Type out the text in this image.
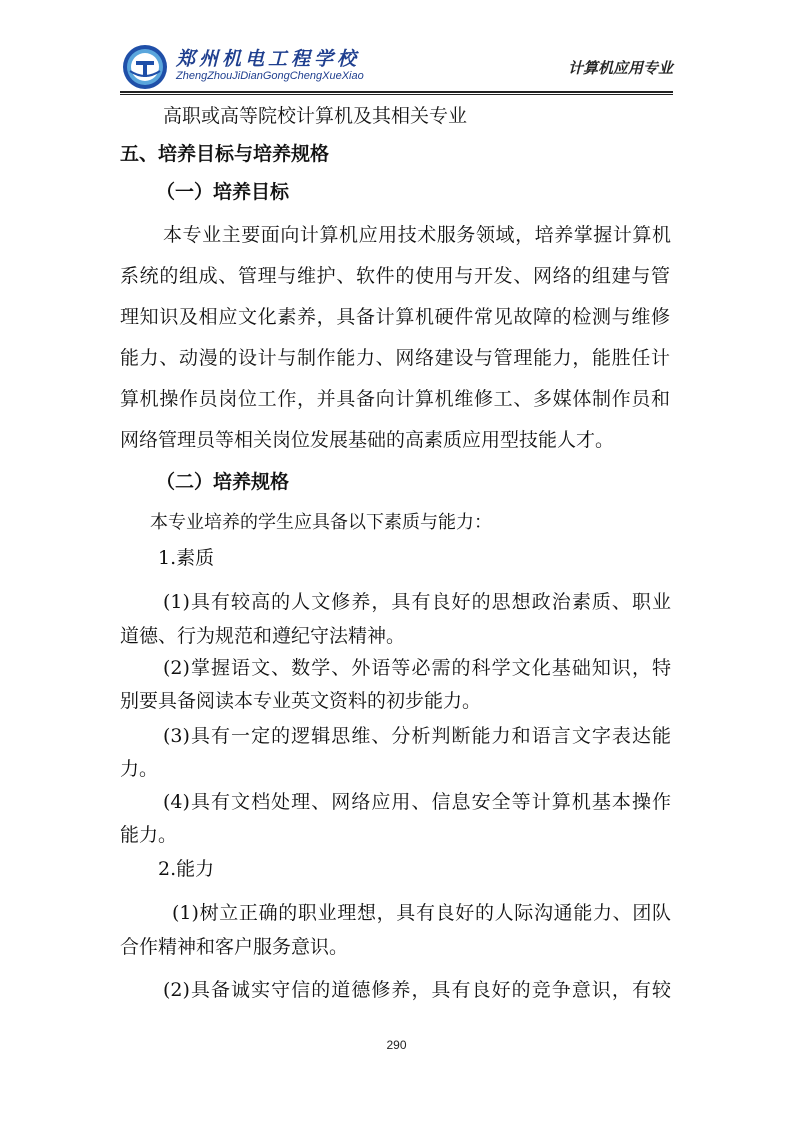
郑州机电工程学校
ZhengZhouJiDianGongChengXueXiao	计算机应用专业
高职或高等院校计算机及其相关专业
五、培养目标与培养规格
（一）培养目标
本专业主要面向计算机应用技术服务领域，培养掌握计算机
系统的组成、管理与维护、软件的使用与开发、网络的组建与管
理知识及相应文化素养，具备计算机硬件常见故障的检测与维修
能力、动漫的设计与制作能力、网络建设与管理能力，能胜任计
算机操作员岗位工作，并具备向计算机维修工、多媒体制作员和
网络管理员等相关岗位发展基础的高素质应用型技能人才。
（二）培养规格
本专业培养的学生应具备以下素质与能力：
1.素质
(1)具有较高的人文修养，具有良好的思想政治素质、职业
道德、行为规范和遵纪守法精神。
(2)掌握语文、数学、外语等必需的科学文化基础知识，特
别要具备阅读本专业英文资料的初步能力。
(3)具有一定的逻辑思维、分析判断能力和语言文字表达能
力。
(4)具有文档处理、网络应用、信息安全等计算机基本操作
能力。
2.能力
(1)树立正确的职业理想，具有良好的人际沟通能力、团队
合作精神和客户服务意识。
(2)具备诚实守信的道德修养，具有良好的竞争意识，有较
290
